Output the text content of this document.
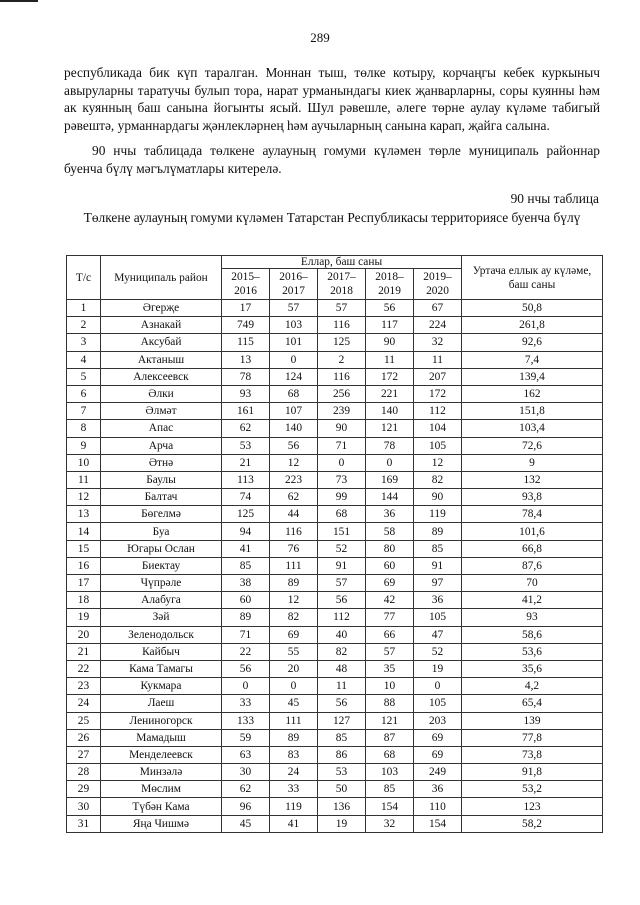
289

республикада бик күп таралган. Моннан тыш, төлке котыру, корчаңгы кебек куркыныч авыруларны таратучы булып тора, нарат урманындагы киек җанварларны, соры куянны һәм ак куянның баш санына йогынты ясый. Шул рәвешле, әлеге төрне аулау күләме табигый рәвештә, урманнардагы җәнлекләрнең һәм аучыларның санына карап, җайга салына.

90 нчы таблицада төлкене аулауның гомуми күләмен төрле муниципаль районнар буенча бүлү мәгълүматлары китерелә.

90 нчы таблица
Төлкене аулауның гомуми күләмен Татарстан Республикасы территориясе буенча бүлү
Т/с	Муниципаль район	Еллар, баш саны					Уртача еллык ау күләме, баш саны
		2015–2016	2016–2017	2017–2018	2018–2019	2019–2020	
1	Әгерҗе	17	57	57	56	67	50,8
2	Азнакай	749	103	116	117	224	261,8
3	Аксубай	115	101	125	90	32	92,6
4	Актаныш	13	0	2	11	11	7,4
5	Алексеевск	78	124	116	172	207	139,4
6	Әлки	93	68	256	221	172	162
7	Әлмәт	161	107	239	140	112	151,8
8	Апас	62	140	90	121	104	103,4
9	Арча	53	56	71	78	105	72,6
10	Әтнә	21	12	0	0	12	9
11	Баулы	113	223	73	169	82	132
12	Балтач	74	62	99	144	90	93,8
13	Бөгелмә	125	44	68	36	119	78,4
14	Буа	94	116	151	58	89	101,6
15	Югары Ослан	41	76	52	80	85	66,8
16	Биектау	85	111	91	60	91	87,6
17	Чүпрәле	38	89	57	69	97	70
18	Алабуга	60	12	56	42	36	41,2
19	Зәй	89	82	112	77	105	93
20	Зеленодольск	71	69	40	66	47	58,6
21	Кайбыч	22	55	82	57	52	53,6
22	Кама Тамагы	56	20	48	35	19	35,6
23	Кукмара	0	0	11	10	0	4,2
24	Лаеш	33	45	56	88	105	65,4
25	Лениногорск	133	111	127	121	203	139
26	Мамадыш	59	89	85	87	69	77,8
27	Менделеевск	63	83	86	68	69	73,8
28	Минзәлә	30	24	53	103	249	91,8
29	Мөслим	62	33	50	85	36	53,2
30	Түбән Кама	96	119	136	154	110	123
31	Яңа Чишмә	45	41	19	32	154	58,2
